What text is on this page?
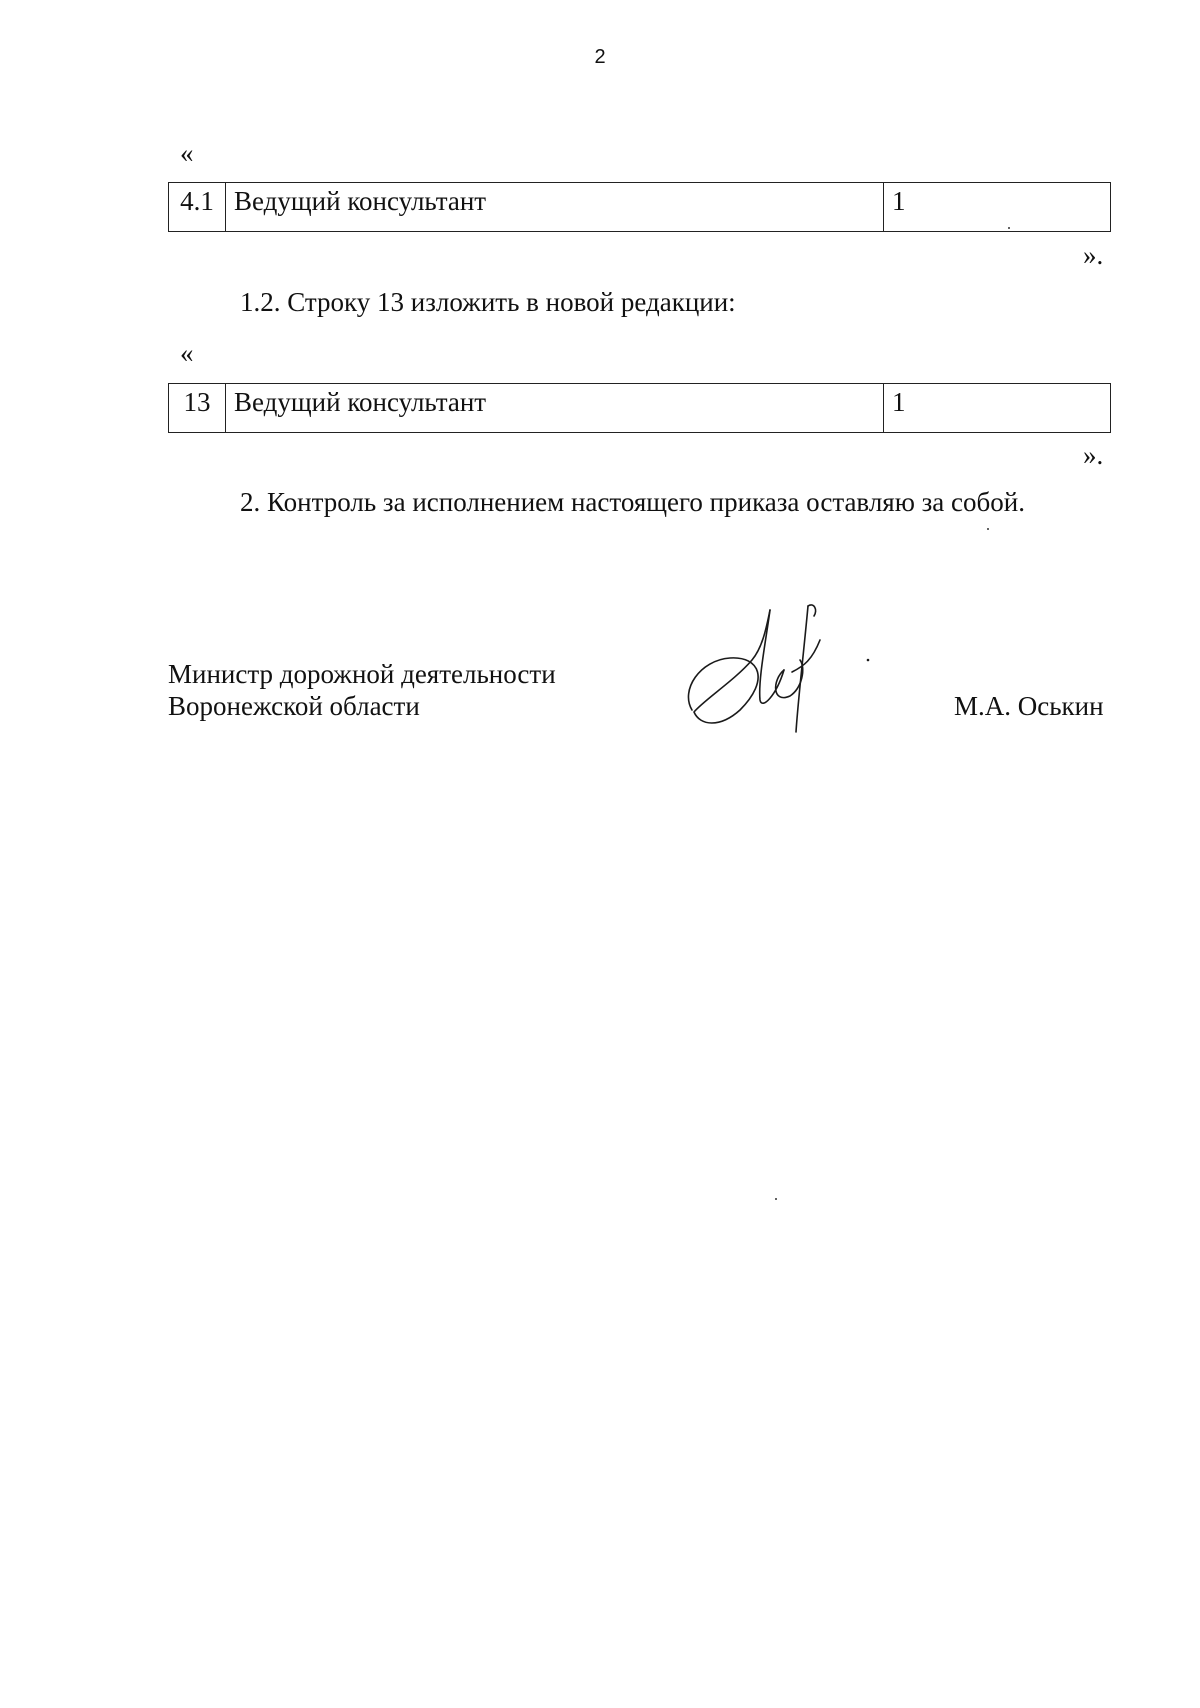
2
«
4.1	Ведущий консультант	1
».
1.2. Строку 13 изложить в новой редакции:
«
13	Ведущий консультант	1
».
2. Контроль за исполнением настоящего приказа оставляю за собой.
Министр дорожной деятельности
Воронежской области	М.А. Оськин
